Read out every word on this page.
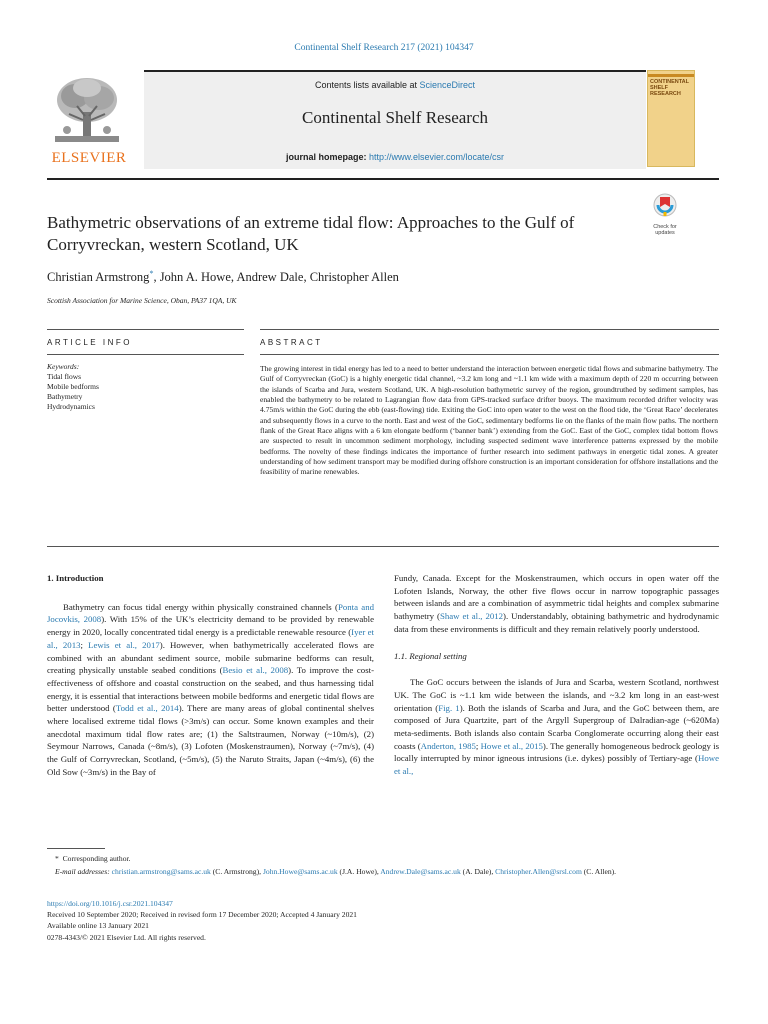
Continental Shelf Research 217 (2021) 104347
ELSEVIER
Contents lists available at ScienceDirect
Continental Shelf Research
journal homepage: http://www.elsevier.com/locate/csr
CONTINENTAL SHELF RESEARCH
Bathymetric observations of an extreme tidal flow: Approaches to the Gulf of Corryvreckan, western Scotland, UK
Check for updates
Christian Armstrong*, John A. Howe, Andrew Dale, Christopher Allen
Scottish Association for Marine Science, Oban, PA37 1QA, UK
ARTICLE INFO
Keywords:
Tidal flows
Mobile bedforms
Bathymetry
Hydrodynamics
ABSTRACT
The growing interest in tidal energy has led to a need to better understand the interaction between energetic tidal flows and submarine bathymetry. The Gulf of Corryvreckan (GoC) is a highly energetic tidal channel, ~3.2 km long and ~1.1 km wide with a maximum depth of 220 m occurring between the islands of Scarba and Jura, western Scotland, UK. A high-resolution bathymetric survey of the region, groundtruthed by sediment samples, has enabled the bathymetry to be related to Lagrangian flow data from GPS-tracked surface drifter buoys. The maximum recorded drifter velocity was 4.75m/s within the GoC during the ebb (east-flowing) tide. Exiting the GoC into open water to the west on the flood tide, the ‘Great Race’ decelerates and subsequently flows in a curve to the north. East and west of the GoC, sedimentary bedforms lie on the flanks of the main flow paths. The northern flank of the Great Race aligns with a 6 km elongate bedform (‘banner bank’) extending from the GoC. East of the GoC, complex tidal bottom flows are suspected to result in uncommon sediment morphology, including suspected sediment wave interference patterns expressed by the mobile bedforms. The novelty of these findings indicates the importance of further research into sediment pathways in energetic tidal zones. A greater understanding of how sediment transport may be modified during offshore construction is an important consideration for offshore installations and the feasibility of marine renewables.
1. Introduction

Bathymetry can focus tidal energy within physically constrained channels (Ponta and Jocovkis, 2008). With 15% of the UK’s electricity demand to be provided by renewable energy in 2020, locally concentrated tidal energy is a predictable renewable resource (Iyer et al., 2013; Lewis et al., 2017). However, when bathymetrically accelerated flows are combined with an abundant sediment source, mobile submarine bedforms can result, creating physically unstable seabed conditions (Besio et al., 2008). To improve the cost-effectiveness of offshore and coastal construction on the seabed, and thus harnessing tidal energy, it is essential that interactions between mobile bedforms and energetic tidal flows are better understood (Todd et al., 2014). There are many areas of global continental shelves where localised extreme tidal flows (>3m/s) can occur. Some known examples and their anecdotal maximum tidal flow rates are; (1) the Saltstraumen, Norway (~10m/s), (2) Seymour Narrows, Canada (~8m/s), (3) Lofoten (Moskenstraumen), Norway (~7m/s), (4) the Gulf of Corryvreckan, Scotland, (~5m/s), (5) the Naruto Straits, Japan (~4m/s), (6) the Old Sow (~3m/s) in the Bay of

Fundy, Canada. Except for the Moskenstraumen, which occurs in open water off the Lofoten Islands, Norway, the other five flows occur in narrow topographic passages between islands and are a combination of asymmetric tidal heights and complex submarine bathymetry (Shaw et al., 2012). Understandably, obtaining bathymetric and hydrodynamic data from these environments is difficult and they remain relatively poorly understood.

1.1. Regional setting

The GoC occurs between the islands of Jura and Scarba, western Scotland, northwest UK. The GoC is ~1.1 km wide between the islands, and ~3.2 km long in an east-west orientation (Fig. 1). Both the islands of Scarba and Jura, and the GoC between them, are composed of Jura Quartzite, part of the Argyll Supergroup of Dalradian-age (~620Ma) meta-sediments. Both islands also contain Scarba Conglomerate occurring along their east coasts (Anderton, 1985; Howe et al., 2015). The generally homogeneous bedrock geology is locally interrupted by minor igneous intrusions (i.e. dykes) possibly of Tertiary-age (Howe et al.,

* Corresponding author.
E-mail addresses: christian.armstrong@sams.ac.uk (C. Armstrong), John.Howe@sams.ac.uk (J.A. Howe), Andrew.Dale@sams.ac.uk (A. Dale), Christopher.Allen@srsl.com (C. Allen).
https://doi.org/10.1016/j.csr.2021.104347
Received 10 September 2020; Received in revised form 17 December 2020; Accepted 4 January 2021
Available online 13 January 2021
0278-4343/© 2021 Elsevier Ltd. All rights reserved.
